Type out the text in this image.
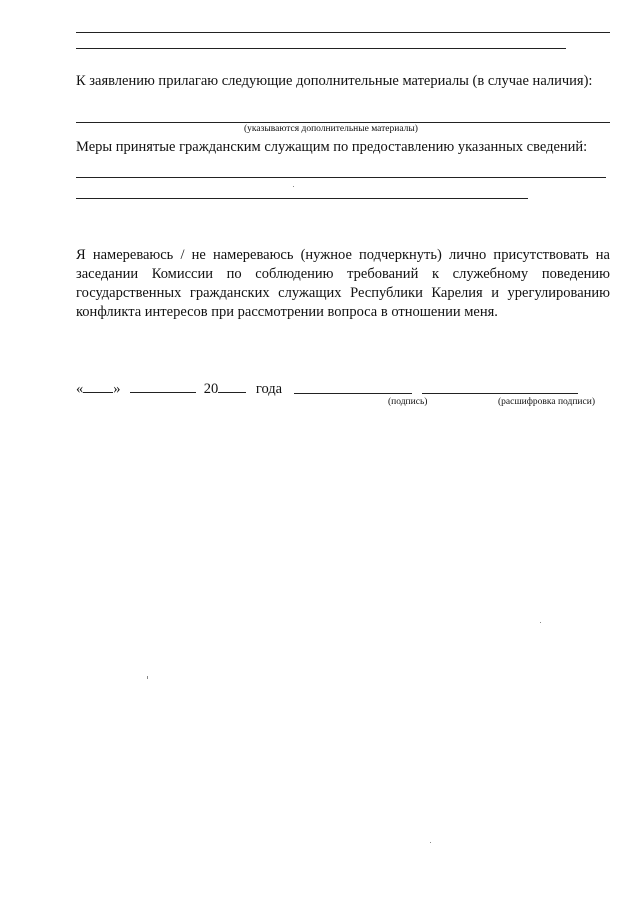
К заявлению прилагаю следующие дополнительные материалы (в случае наличия):
(указываются дополнительные материалы)
Меры принятые гражданским служащим по предоставлению указанных сведений:
Я намереваюсь / не намереваюсь (нужное подчеркнуть) лично присутствовать на заседании Комиссии по соблюдению требований к служебному поведению государственных гражданских служащих Республики Карелия и урегулированию конфликта интересов при рассмотрении вопроса в отношении меня.
« »	20	года
(подпись)	(расшифровка подписи)
